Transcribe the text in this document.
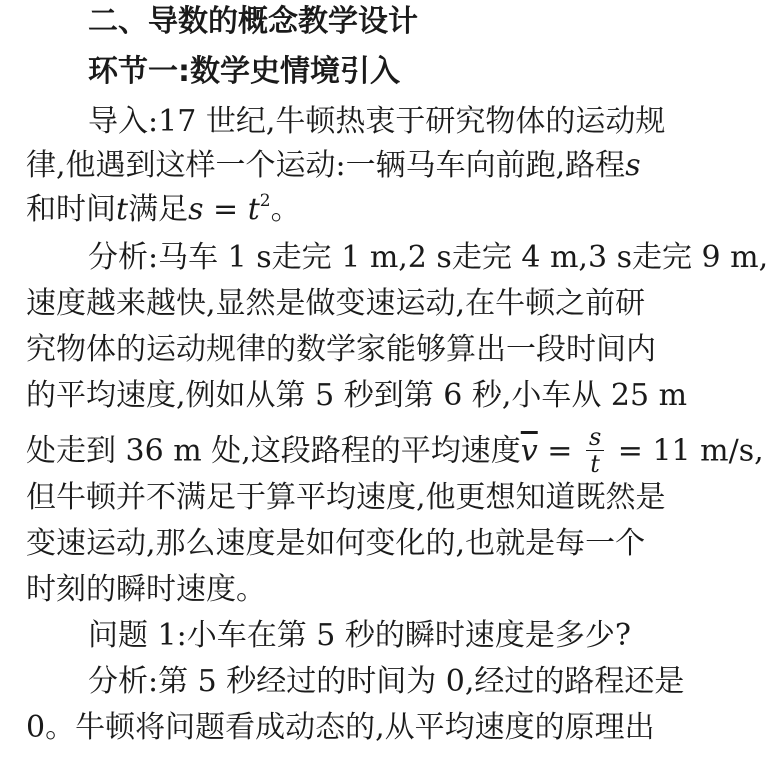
二、导数的概念教学设计
环节一:数学史情境引入
导入:17 世纪,牛顿热衷于研究物体的运动规
律,他遇到这样一个运动:一辆马车向前跑,路程s
和时间t满足$s = t^2$。
分析:马车 1 s走完 1 m,2 s走完 4 m,3 s走完 9 m,
速度越来越快,显然是做变速运动,在牛顿之前研
究物体的运动规律的数学家能够算出一段时间内
的平均速度,例如从第 5 秒到第 6 秒,小车从 25 m
处走到 36 m 处,这段路程的平均速度$\overline{v} = \frac{s}{t} = 11$ m/s,
但牛顿并不满足于算平均速度,他更想知道既然是
变速运动,那么速度是如何变化的,也就是每一个
时刻的瞬时速度。
问题 1:小车在第 5 秒的瞬时速度是多少?
分析:第 5 秒经过的时间为 0,经过的路程还是
0。牛顿将问题看成动态的,从平均速度的原理出
